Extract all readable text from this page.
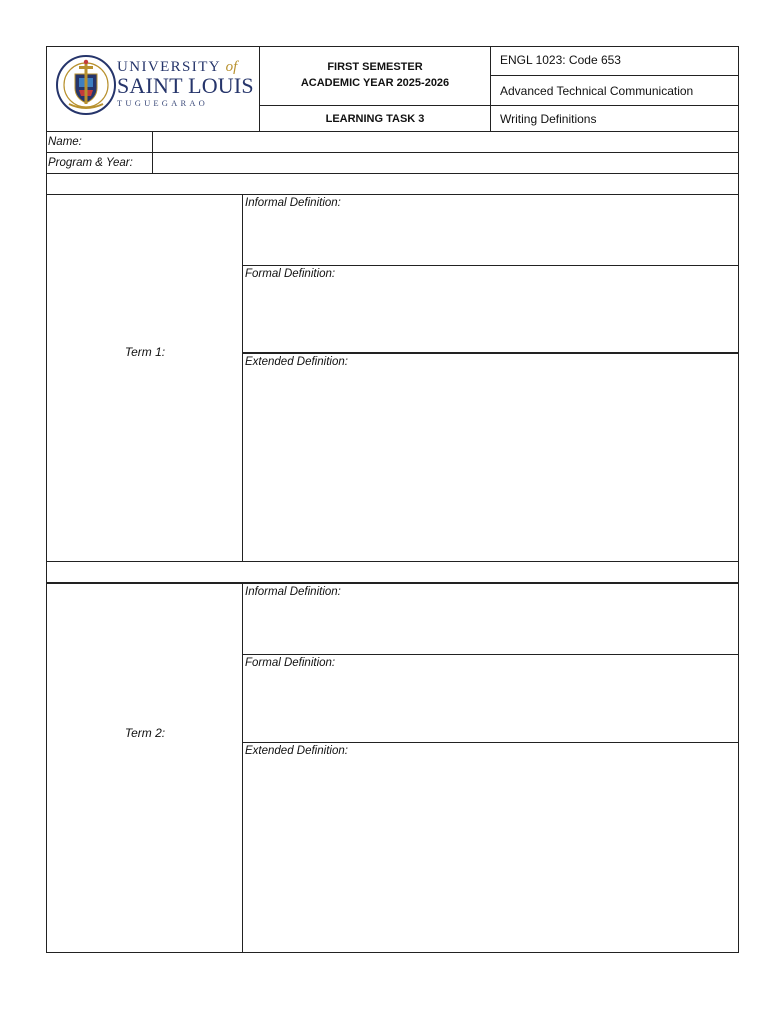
UNIVERSITY of
SAINT LOUIS
TUGUEGARAO
FIRST SEMESTER
ACADEMIC YEAR 2025-2026
LEARNING TASK 3
ENGL 1023: Code 653
Advanced Technical Communication
Writing Definitions
Name:
Program & Year:
Term 1:
Informal Definition:
Formal Definition:
Extended Definition:
Term 2:
Informal Definition:
Formal Definition:
Extended Definition:
